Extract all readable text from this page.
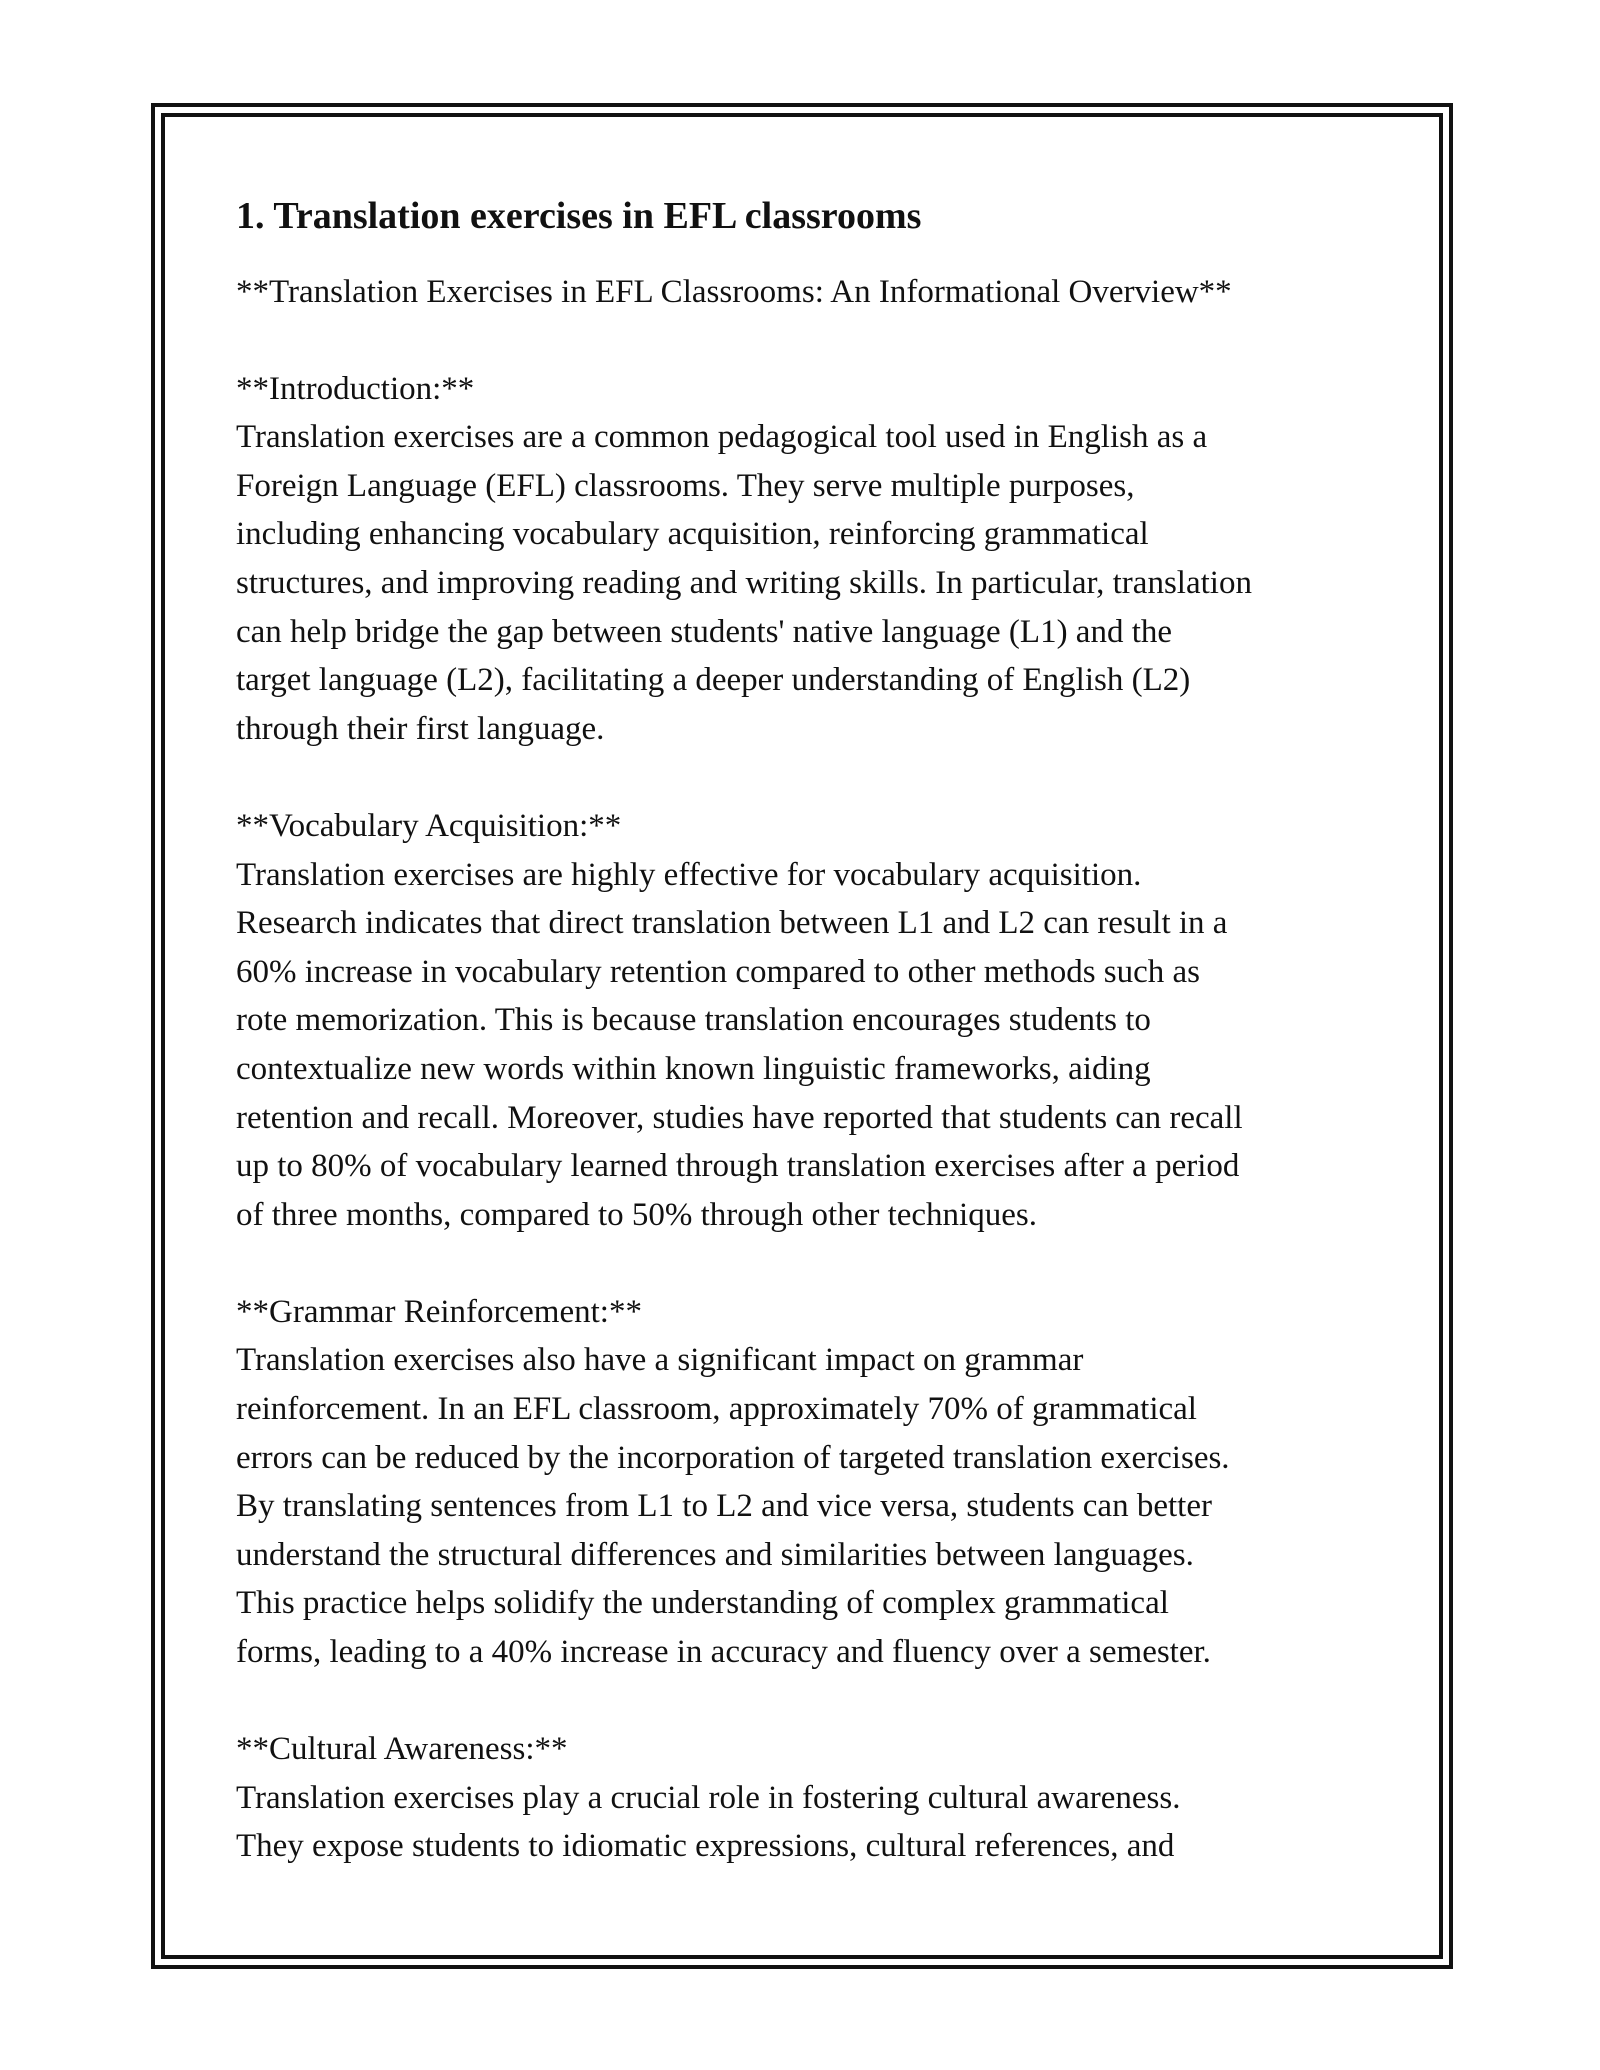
1. Translation exercises in EFL classrooms

**Translation Exercises in EFL Classrooms: An Informational Overview**

**Introduction:**

Translation exercises are a common pedagogical tool used in English as a
Foreign Language (EFL) classrooms. They serve multiple purposes,
including enhancing vocabulary acquisition, reinforcing grammatical
structures, and improving reading and writing skills. In particular, translation
can help bridge the gap between students' native language (L1) and the
target language (L2), facilitating a deeper understanding of English (L2)
through their first language.

**Vocabulary Acquisition:**

Translation exercises are highly effective for vocabulary acquisition.
Research indicates that direct translation between L1 and L2 can result in a
60% increase in vocabulary retention compared to other methods such as
rote memorization. This is because translation encourages students to
contextualize new words within known linguistic frameworks, aiding
retention and recall. Moreover, studies have reported that students can recall
up to 80% of vocabulary learned through translation exercises after a period
of three months, compared to 50% through other techniques.

**Grammar Reinforcement:**

Translation exercises also have a significant impact on grammar
reinforcement. In an EFL classroom, approximately 70% of grammatical
errors can be reduced by the incorporation of targeted translation exercises.
By translating sentences from L1 to L2 and vice versa, students can better
understand the structural differences and similarities between languages.
This practice helps solidify the understanding of complex grammatical
forms, leading to a 40% increase in accuracy and fluency over a semester.

**Cultural Awareness:**

Translation exercises play a crucial role in fostering cultural awareness.
They expose students to idiomatic expressions, cultural references, and
